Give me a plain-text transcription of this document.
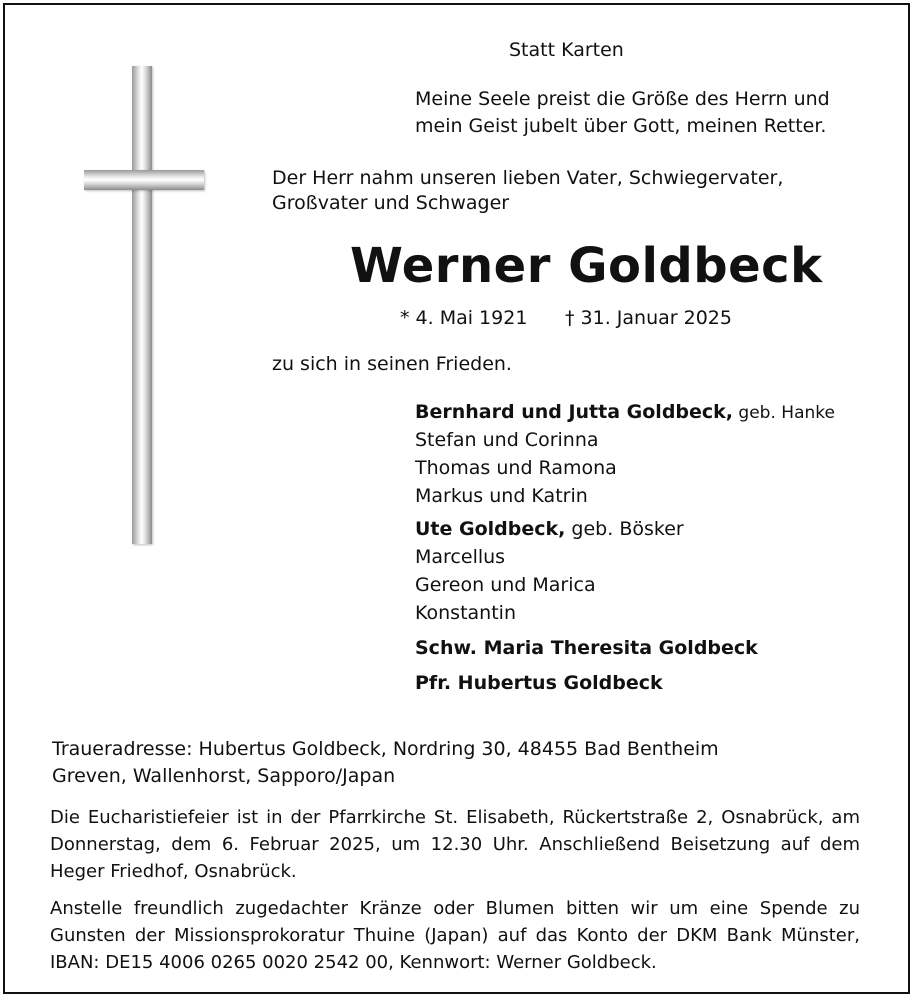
Statt Karten
Meine Seele preist die Größe des Herrn und
mein Geist jubelt über Gott, meinen Retter.
Der Herr nahm unseren lieben Vater, Schwiegervater,
Großvater und Schwager
Werner Goldbeck
* 4. Mai 1921 † 31. Januar 2025
zu sich in seinen Frieden.
Bernhard und Jutta Goldbeck, geb. Hanke
Stefan und Corinna
Thomas und Ramona
Markus und Katrin
Ute Goldbeck, geb. Bösker
Marcellus
Gereon und Marica
Konstantin
Schw. Maria Theresita Goldbeck
Pfr. Hubertus Goldbeck
Traueradresse: Hubertus Goldbeck, Nordring 30, 48455 Bad Bentheim
Greven, Wallenhorst, Sapporo/Japan
Die Eucharistiefeier ist in der Pfarrkirche St. Elisabeth, Rückertstraße 2, Osnabrück, am Donnerstag, dem 6. Februar 2025, um 12.30 Uhr. Anschließend Beisetzung auf dem Heger Friedhof, Osnabrück.
Anstelle freundlich zugedachter Kränze oder Blumen bitten wir um eine Spende zu Gunsten der Missionsprokoratur Thuine (Japan) auf das Konto der DKM Bank Münster, IBAN: DE15 4006 0265 0020 2542 00, Kennwort: Werner Goldbeck.
